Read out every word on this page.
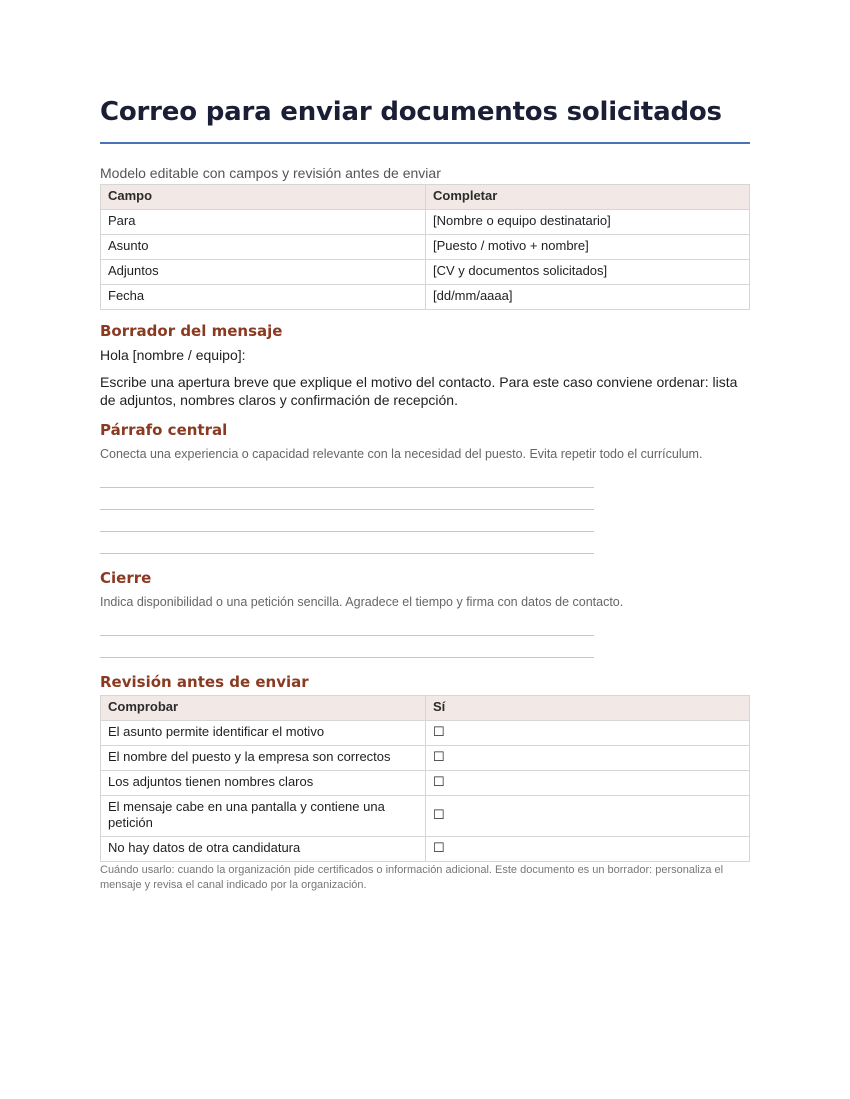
Correo para enviar documentos solicitados
Modelo editable con campos y revisión antes de enviar
Campo	Completar
Para	[Nombre o equipo destinatario]
Asunto	[Puesto / motivo + nombre]
Adjuntos	[CV y documentos solicitados]
Fecha	[dd/mm/aaaa]
Borrador del mensaje
Hola [nombre / equipo]:
Escribe una apertura breve que explique el motivo del contacto. Para este caso conviene ordenar: lista de adjuntos, nombres claros y confirmación de recepción.
Párrafo central
Conecta una experiencia o capacidad relevante con la necesidad del puesto. Evita repetir todo el currículum.
Cierre
Indica disponibilidad o una petición sencilla. Agradece el tiempo y firma con datos de contacto.
Revisión antes de enviar
Comprobar	Sí
El asunto permite identificar el motivo	☐
El nombre del puesto y la empresa son correctos	☐
Los adjuntos tienen nombres claros	☐
El mensaje cabe en una pantalla y contiene una petición	☐
No hay datos de otra candidatura	☐
Cuándo usarlo: cuando la organización pide certificados o información adicional. Este documento es un borrador: personaliza el mensaje y revisa el canal indicado por la organización.
